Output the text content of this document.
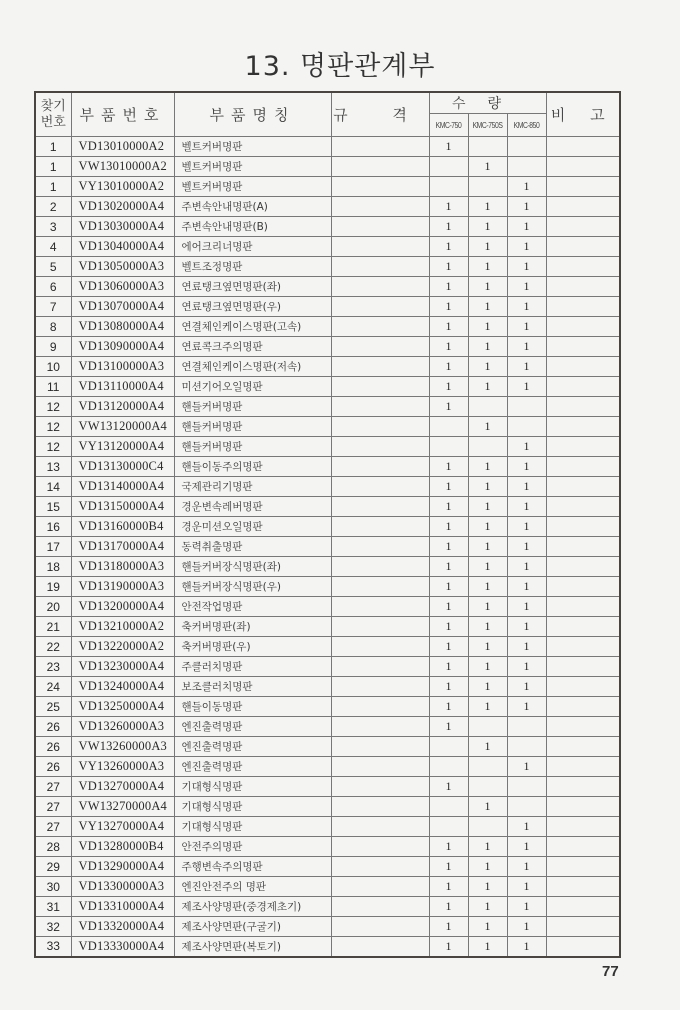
13. 명판관계부
찾기
번호	부품번호	부품명칭	규 격	수량			비 고
				KMC-750	KMC-750S	KMC-850	
1	VD13010000A2	벨트커버명판		1			
1	VW13010000A2	벨트커버명판			1		
1	VY13010000A2	벨트커버명판				1	
2	VD13020000A4	주변속안내명판(A)		1	1	1	
3	VD13030000A4	주변속안내명판(B)		1	1	1	
4	VD13040000A4	에어크리너명판		1	1	1	
5	VD13050000A3	벨트조정명판		1	1	1	
6	VD13060000A3	연료탱크옆면명판(좌)		1	1	1	
7	VD13070000A4	연료탱크옆면명판(우)		1	1	1	
8	VD13080000A4	연결체인케이스명판(고속)		1	1	1	
9	VD13090000A4	연료콕크주의명판		1	1	1	
10	VD13100000A3	연결체인케이스명판(저속)		1	1	1	
11	VD13110000A4	미션기어오일명판		1	1	1	
12	VD13120000A4	핸들커버명판		1			
12	VW13120000A4	핸들커버명판			1		
12	VY13120000A4	핸들커버명판				1	
13	VD13130000C4	핸들이동주의명판		1	1	1	
14	VD13140000A4	국제관리기명판		1	1	1	
15	VD13150000A4	경운변속레버명판		1	1	1	
16	VD13160000B4	경운미션오일명판		1	1	1	
17	VD13170000A4	동력취출명판		1	1	1	
18	VD13180000A3	핸들커버장식명판(좌)		1	1	1	
19	VD13190000A3	핸들커버장식명판(우)		1	1	1	
20	VD13200000A4	안전작업명판		1	1	1	
21	VD13210000A2	축커버명판(좌)		1	1	1	
22	VD13220000A2	축커버명판(우)		1	1	1	
23	VD13230000A4	주클러치명판		1	1	1	
24	VD13240000A4	보조클러치명판		1	1	1	
25	VD13250000A4	핸들이동명판		1	1	1	
26	VD13260000A3	엔진출력명판		1			
26	VW13260000A3	엔진출력명판			1		
26	VY13260000A3	엔진출력명판				1	
27	VD13270000A4	기대형식명판		1			
27	VW13270000A4	기대형식명판			1		
27	VY13270000A4	기대형식명판				1	
28	VD13280000B4	안전주의명판		1	1	1	
29	VD13290000A4	주행변속주의명판		1	1	1	
30	VD13300000A3	엔진안전주의 명판		1	1	1	
31	VD13310000A4	제조사양명판(중경제초기)		1	1	1	
32	VD13320000A4	제조사양면판(구굴기)		1	1	1	
33	VD13330000A4	제조사양면판(복토기)		1	1	1	
77
